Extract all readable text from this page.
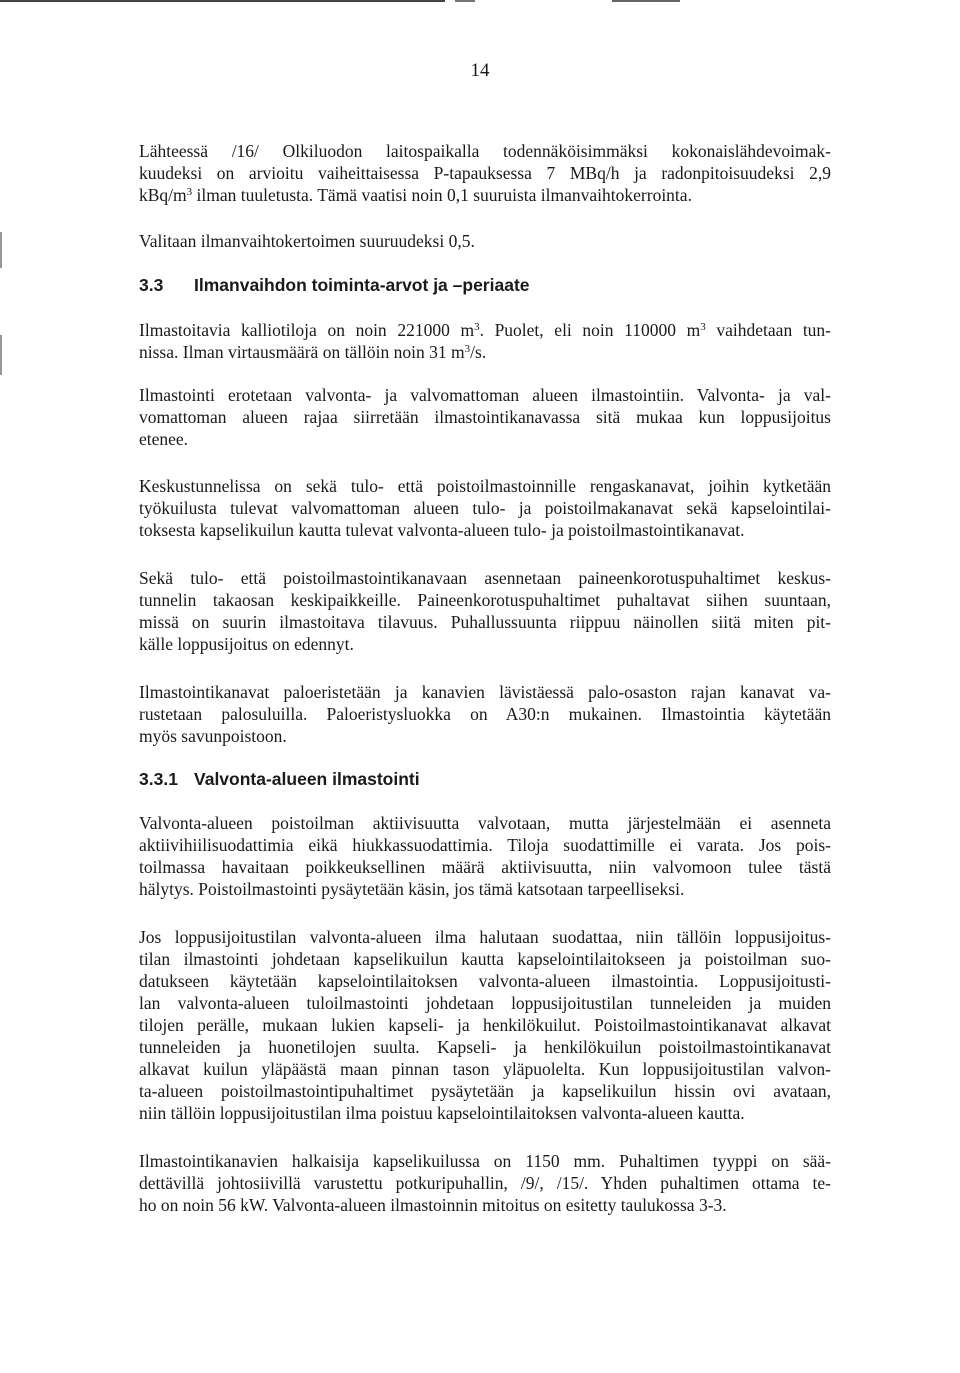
14

Lähteessä /16/ Olkiluodon laitospaikalla todennäköisimmäksi kokonaislähdevoimak-

kuudeksi on arvioitu vaiheittaisessa P-tapauksessa 7 MBq/h ja radonpitoisuudeksi 2,9

kBq/$m^3$ ilman tuuletusta. Tämä vaatisi noin 0,1 suuruista ilmanvaihtokerrointa.

Valitaan ilmanvaihtokertoimen suuruudeksi 0,5.

3.3 Ilmanvaihdon toiminta-arvot ja –periaate

Ilmastoitavia kalliotiloja on noin 221000 $m^3$. Puolet, eli noin 110000 $m^3$ vaihdetaan tun-

nissa. Ilman virtausmäärä on tällöin noin 31 $m^3/s$.

Ilmastointi erotetaan valvonta- ja valvomattoman alueen ilmastointiin. Valvonta- ja val-

vomattoman alueen rajaa siirretään ilmastointikanavassa sitä mukaa kun loppusijoitus

etenee.

Keskustunnelissa on sekä tulo- että poistoilmastoinnille rengaskanavat, joihin kytketään

työkuilusta tulevat valvomattoman alueen tulo- ja poistoilmakanavat sekä kapselointilai-

toksesta kapselikuilun kautta tulevat valvonta-alueen tulo- ja poistoilmastointikanavat.

Sekä tulo- että poistoilmastointikanavaan asennetaan paineenkorotuspuhaltimet keskus-

tunnelin takaosan keskipaikkeille. Paineenkorotuspuhaltimet puhaltavat siihen suuntaan,

missä on suurin ilmastoitava tilavuus. Puhallussuunta riippuu näinollen siitä miten pit-

källe loppusijoitus on edennyt.

Ilmastointikanavat paloeristetään ja kanavien lävistäessä palo-osaston rajan kanavat va-

rustetaan palosuluilla. Paloeristysluokka on A30:n mukainen. Ilmastointia käytetään

myös savunpoistoon.

3.3.1 Valvonta-alueen ilmastointi

Valvonta-alueen poistoilman aktiivisuutta valvotaan, mutta järjestelmään ei asenneta

aktiivihiilisuodattimia eikä hiukkassuodattimia. Tiloja suodattimille ei varata. Jos pois-

toilmassa havaitaan poikkeuksellinen määrä aktiivisuutta, niin valvomoon tulee tästä

hälytys. Poistoilmastointi pysäytetään käsin, jos tämä katsotaan tarpeelliseksi.

Jos loppusijoitustilan valvonta-alueen ilma halutaan suodattaa, niin tällöin loppusijoitus-

tilan ilmastointi johdetaan kapselikuilun kautta kapselointilaitokseen ja poistoilman suo-

datukseen käytetään kapselointilaitoksen valvonta-alueen ilmastointia. Loppusijoitusti-

lan valvonta-alueen tuloilmastointi johdetaan loppusijoitustilan tunneleiden ja muiden

tilojen perälle, mukaan lukien kapseli- ja henkilökuilut. Poistoilmastointikanavat alkavat

tunneleiden ja huonetilojen suulta. Kapseli- ja henkilökuilun poistoilmastointikanavat

alkavat kuilun yläpäästä maan pinnan tason yläpuolelta. Kun loppusijoitustilan valvon-

ta-alueen poistoilmastointipuhaltimet pysäytetään ja kapselikuilun hissin ovi avataan,

niin tällöin loppusijoitustilan ilma poistuu kapselointilaitoksen valvonta-alueen kautta.

Ilmastointikanavien halkaisija kapselikuilussa on 1150 mm. Puhaltimen tyyppi on sää-

dettävillä johtosiivillä varustettu potkuripuhallin, /9/, /15/. Yhden puhaltimen ottama te-

ho on noin 56 kW. Valvonta-alueen ilmastoinnin mitoitus on esitetty taulukossa 3-3.
